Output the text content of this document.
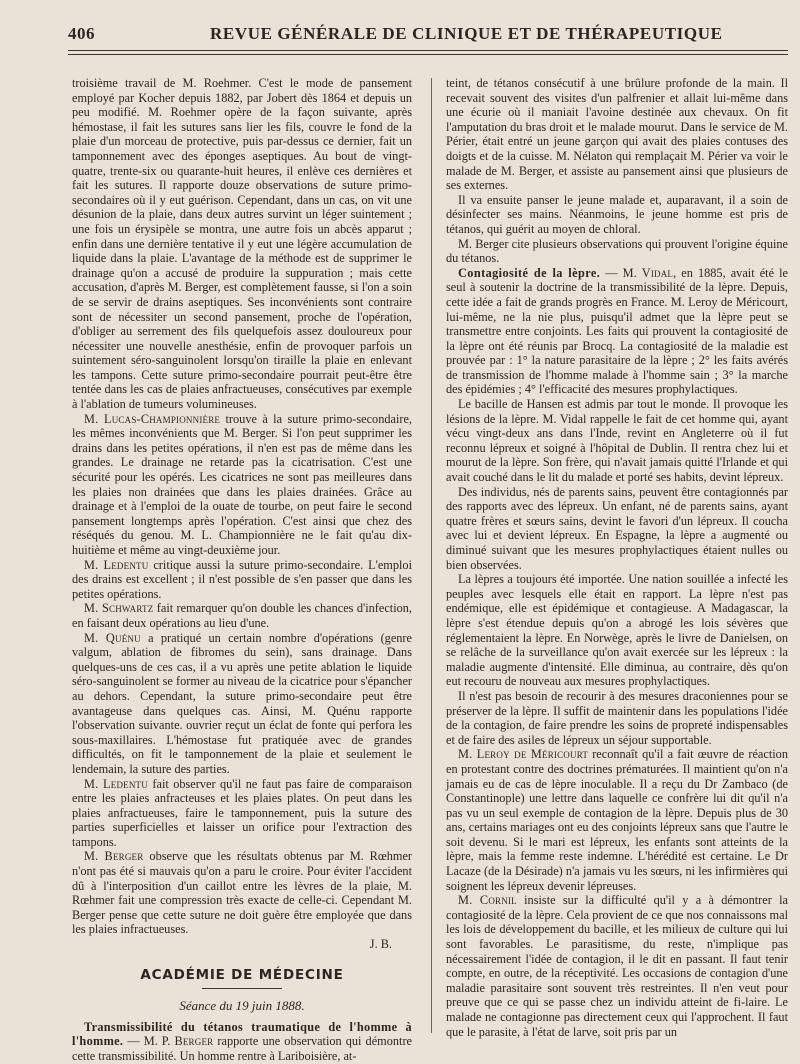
406	REVUE GÉNÉRALE DE CLINIQUE ET DE THÉRAPEUTIQUE

troisième travail de M. Roehmer. C'est le mode de pansement employé par Kocher depuis 1882, par Jobert dès 1864 et depuis un peu modifié. M. Roehmer opère de la façon suivante, après hémostase, il fait les sutures sans lier les fils, couvre le fond de la plaie d'un morceau de protective, puis par-dessus ce dernier, fait un tamponnement avec des éponges aseptiques. Au bout de vingt-quatre, trente-six ou quarante-huit heures, il enlève ces dernières et fait les sutures. Il rapporte douze observations de suture primo-secondaires où il y eut guérison. Cependant, dans un cas, on vit une désunion de la plaie, dans deux autres survint un léger suintement ; une fois un érysipèle se montra, une autre fois un abcès apparut ; enfin dans une dernière tentative il y eut une légère accumulation de liquide dans la plaie. L'avantage de la méthode est de supprimer le drainage qu'on a accusé de produire la suppuration ; mais cette accusation, d'après M. Berger, est complètement fausse, si l'on a soin de se servir de drains aseptiques. Ses inconvénients sont contraire sont de nécessiter un second pansement, proche de l'opération, d'obliger au serrement des fils quelquefois assez douloureux pour nécessiter une nouvelle anesthésie, enfin de provoquer parfois un suintement séro-sanguinolent lorsqu'on tiraille la plaie en enlevant les tampons. Cette suture primo-secondaire pourrait peut-être être tentée dans les cas de plaies anfractueuses, consécutives par exemple à l'ablation de tumeurs volumineuses.

M. Lucas-Championnière trouve à la suture primo-secondaire, les mêmes inconvénients que M. Berger. Si l'on peut supprimer les drains dans les petites opérations, il n'en est pas de même dans les grandes. Le drainage ne retarde pas la cicatrisation. C'est une sécurité pour les opérés. Les cicatrices ne sont pas meilleures dans les plaies non drainées que dans les plaies drainées. Grâce au drainage et à l'emploi de la ouate de tourbe, on peut faire le second pansement longtemps après l'opération. C'est ainsi que chez des réséqués du genou. M. L. Championnière ne le fait qu'au dix-huitième et même au vingt-deuxième jour.

M. Ledentu critique aussi la suture primo-secondaire. L'emploi des drains est excellent ; il n'est possible de s'en passer que dans les petites opérations.

M. Schwartz fait remarquer qu'on double les chances d'infection, en faisant deux opérations au lieu d'une.

M. Quénu a pratiqué un certain nombre d'opérations (genre valgum, ablation de fibromes du sein), sans drainage. Dans quelques-uns de ces cas, il a vu après une petite ablation le liquide séro-sanguinolent se former au niveau de la cicatrice pour s'épancher au dehors. Cependant, la suture primo-secondaire peut être avantageuse dans quelques cas. Ainsi, M. Quénu rapporte l'observation suivante. ouvrier reçut un éclat de fonte qui perfora les sous-maxillaires. L'hémostase fut pratiquée avec de grandes difficultés, on fit le tamponnement de la plaie et seulement le lendemain, la suture des parties.

M. Ledentu fait observer qu'il ne faut pas faire de comparaison entre les plaies anfracteuses et les plaies plates. On peut dans les plaies anfractueuses, faire le tamponnement, puis la suture des parties superficielles et laisser un orifice pour l'extraction des tampons.

M. Berger observe que les résultats obtenus par M. Rœhmer n'ont pas été si mauvais qu'on a paru le croire. Pour éviter l'accident dû à l'interposition d'un caillot entre les lèvres de la plaie, M. Rœhmer fait une compression très exacte de celle-ci. Cependant M. Berger pense que cette suture ne doit guère être employée que dans les plaies infractueuses.

J. B.
ACADÉMIE DE MÉDECINE
Séance du 19 juin 1888.

Transmissibilité du tétanos traumatique de l'homme à l'homme. — M. P. Berger rapporte une observation qui démontre cette transmissibilité. Un homme rentre à Lariboisière, at-

teint, de tétanos consécutif à une brûlure profonde de la main. Il recevait souvent des visites d'un palfrenier et allait lui-même dans une écurie où il maniait l'avoine destinée aux chevaux. On fit l'amputation du bras droit et le malade mourut. Dans le service de M. Périer, était entré un jeune garçon qui avait des plaies contuses des doigts et de la cuisse. M. Nélaton qui remplaçait M. Périer va voir le malade de M. Berger, et assiste au pansement ainsi que plusieurs de ses externes.

Il va ensuite panser le jeune malade et, auparavant, il a soin de désinfecter ses mains. Néanmoins, le jeune homme est pris de tétanos, qui guérit au moyen de chloral.

M. Berger cite plusieurs observations qui prouvent l'origine équine du tétanos.

Contagiosité de la lèpre. — M. Vidal, en 1885, avait été le seul à soutenir la doctrine de la transmissibilité de la lèpre. Depuis, cette idée a fait de grands progrès en France. M. Leroy de Méricourt, lui-même, ne la nie plus, puisqu'il admet que la lèpre peut se transmettre entre conjoints. Les faits qui prouvent la contagiosité de la lèpre ont été réunis par Brocq. La contagiosité de la maladie est prouvée par : 1° la nature parasitaire de la lèpre ; 2° les faits avérés de transmission de l'homme malade à l'homme sain ; 3° la marche des épidémies ; 4° l'efficacité des mesures prophylactiques.

Le bacille de Hansen est admis par tout le monde. Il provoque les lésions de la lèpre. M. Vidal rappelle le fait de cet homme qui, ayant vécu vingt-deux ans dans l'Inde, revint en Angleterre où il fut reconnu lépreux et soigné à l'hôpital de Dublin. Il rentra chez lui et mourut de la lèpre. Son frère, qui n'avait jamais quitté l'Irlande et qui avait couché dans le lit du malade et porté ses habits, devint lépreux.

Des individus, nés de parents sains, peuvent être contagionnés par des rapports avec des lépreux. Un enfant, né de parents sains, ayant quatre frères et sœurs sains, devint le favori d'un lépreux. Il coucha avec lui et devient lépreux. En Espagne, la lèpre a augmenté ou diminué suivant que les mesures prophylactiques étaient nulles ou bien observées.

La lèpres a toujours été importée. Une nation souillée a infecté les peuples avec lesquels elle était en rapport. La lèpre n'est pas endémique, elle est épidémique et contagieuse. A Madagascar, la lèpre s'est étendue depuis qu'on a abrogé les lois sévères que réglementaient la lèpre. En Norwège, après le livre de Danielsen, on se relâche de la surveillance qu'on avait exercée sur les lépreux : la maladie augmente d'intensité. Elle diminua, au contraire, dès qu'on eut recouru de nouveau aux mesures prophylactiques.

Il n'est pas besoin de recourir à des mesures draconiennes pour se préserver de la lèpre. Il suffit de maintenir dans les populations l'idée de la contagion, de faire prendre les soins de propreté indispensables et de faire des asiles de lépreux un séjour supportable.

M. Leroy de Méricourt reconnaît qu'il a fait œuvre de réaction en protestant contre des doctrines prématurées. Il maintient qu'on n'a jamais eu de cas de lèpre inoculable. Il a reçu du Dr Zambaco (de Constantinople) une lettre dans laquelle ce confrère lui dit qu'il n'a pas vu un seul exemple de contagion de la lèpre. Depuis plus de 30 ans, certains mariages ont eu des conjoints lépreux sans que l'autre le soit devenu. Si le mari est lépreux, les enfants sont atteints de la lèpre, mais la femme reste indemne. L'hérédité est certaine. Le Dr Lacaze (de la Désirade) n'a jamais vu les sœurs, ni les infirmières qui soignent les lépreux devenir lépreuses.

M. Cornil insiste sur la difficulté qu'il y a à démontrer la contagiosité de la lèpre. Cela provient de ce que nos connaissons mal les lois de développement du bacille, et les milieux de culture qui lui sont favorables. Le parasitisme, du reste, n'implique pas nécessairement l'idée de contagion, il le dit en passant. Il faut tenir compte, en outre, de la réceptivité. Les occasions de contagion d'une maladie parasitaire sont souvent très restreintes. Il n'en veut pour preuve que ce qui se passe chez un individu atteint de fi-laire. Le malade ne contagionne pas directement ceux qui l'approchent. Il faut que le parasite, à l'état de larve, soit pris par un
